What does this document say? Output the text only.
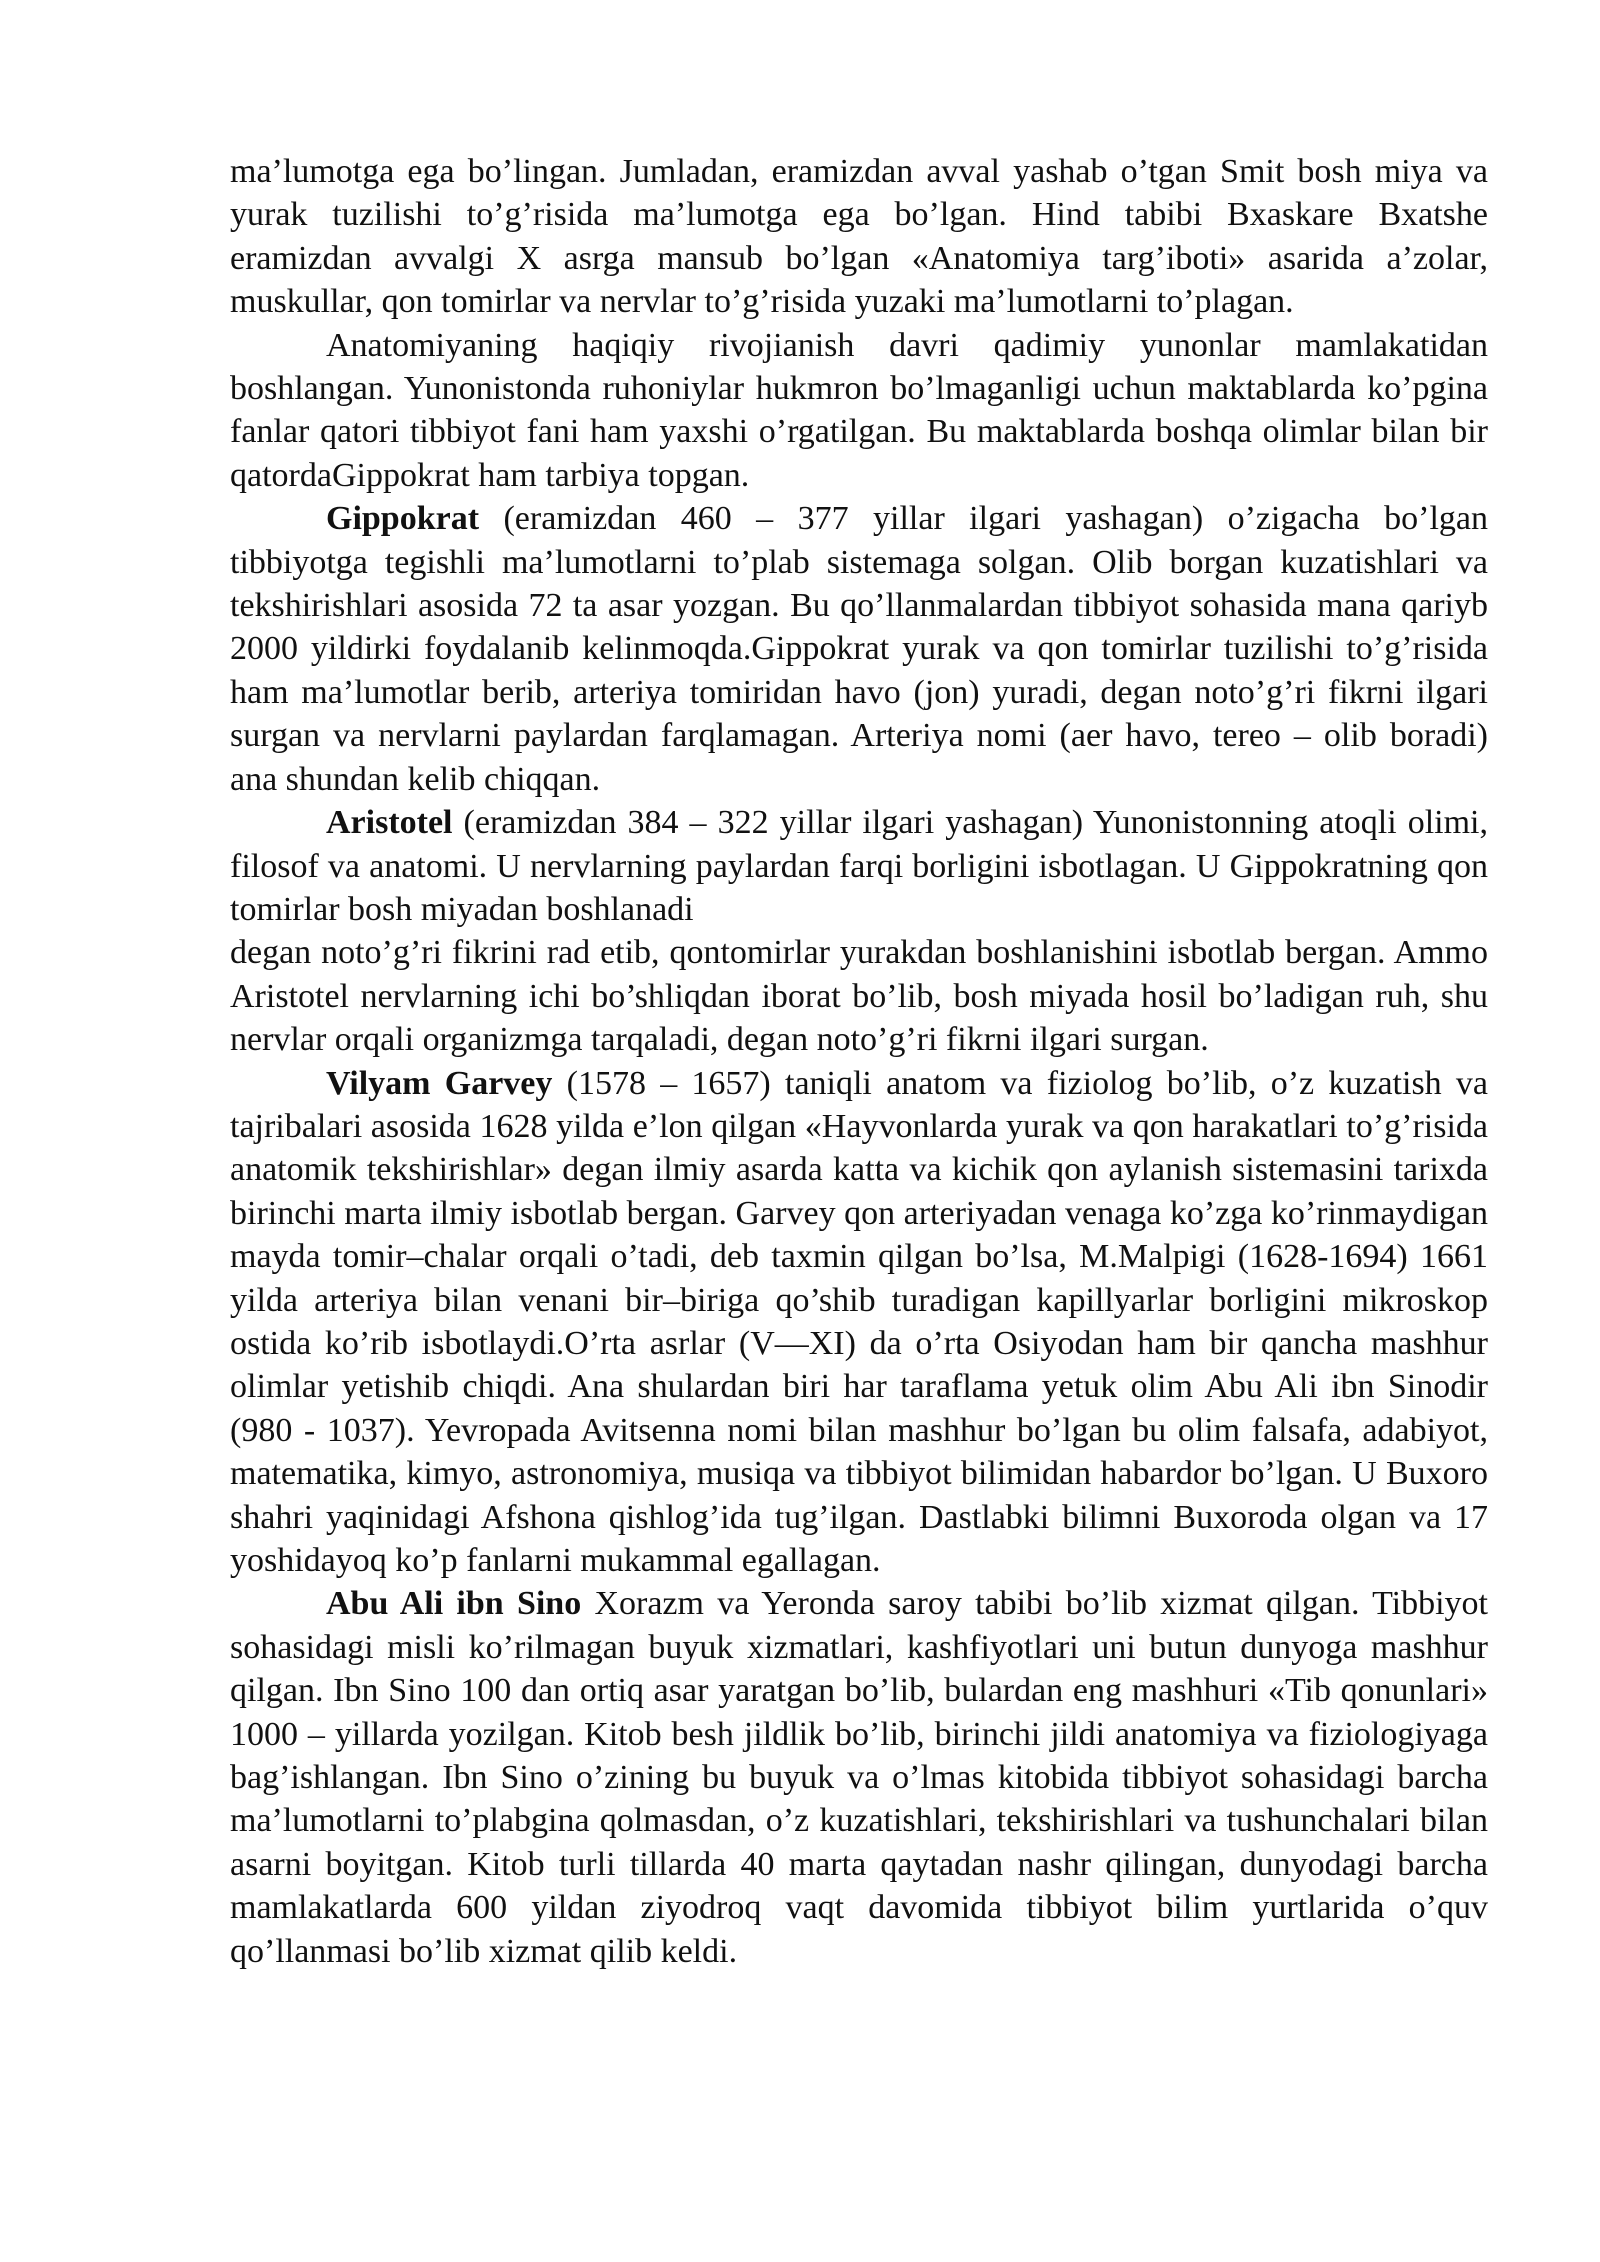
ma’lumotga ega bo’lingan. Jumladan, eramizdan avval yashab o’tgan Smit bosh miya va yurak tuzilishi to’g’risida ma’lumotga ega bo’lgan. Hind tabibi Bxaskare Bxatshe eramizdan avvalgi X asrga mansub bo’lgan «Anatomiya targ’iboti» asarida a’zolar, muskullar, qon tomirlar va nervlar to’g’risida yuzaki ma’lumotlarni to’plagan.

Anatomiyaning haqiqiy rivojianish davri qadimiy yunonlar mamlakatidan boshlangan. Yunonistonda ruhoniylar hukmron bo’lmaganligi uchun maktablarda ko’pgina fanlar qatori tibbiyot fani ham yaxshi o’rgatilgan. Bu maktablarda boshqa olimlar bilan bir qatordaGippokrat ham tarbiya topgan.

Gippokrat (eramizdan 460 – 377 yillar ilgari yashagan) o’zigacha bo’lgan tibbiyotga tegishli ma’lumotlarni to’plab sistemaga solgan. Olib borgan kuzatishlari va tekshirishlari asosida 72 ta asar yozgan. Bu qo’llanmalardan tibbiyot sohasida mana qariyb 2000 yildirki foydalanib kelinmoqda.Gippokrat yurak va qon tomirlar tuzilishi to’g’risida ham ma’lumotlar berib, arteriya tomiridan havo (jon) yuradi, degan noto’g’ri fikrni ilgari surgan va nervlarni paylardan farqlamagan. Arteriya nomi (aer havo, tereo – olib boradi) ana shundan kelib chiqqan.

Aristotel (eramizdan 384 – 322 yillar ilgari yashagan) Yunonistonning atoqli olimi, filosof va anatomi. U nervlarning paylardan farqi borligini isbotlagan. U Gippokratning qon tomirlar bosh miyadan boshlanadi

degan noto’g’ri fikrini rad etib, qontomirlar yurakdan boshlanishini isbotlab bergan. Ammo Aristotel nervlarning ichi bo’shliqdan iborat bo’lib, bosh miyada hosil bo’ladigan ruh, shu nervlar orqali organizmga tarqaladi, degan noto’g’ri fikrni ilgari surgan.

Vilyam Garvey (1578 – 1657) taniqli anatom va fiziolog bo’lib, o’z kuzatish va tajribalari asosida 1628 yilda e’lon qilgan «Hayvonlarda yurak va qon harakatlari to’g’risida anatomik tekshirishlar» degan ilmiy asarda katta va kichik qon aylanish sistemasini tarixda birinchi marta ilmiy isbotlab bergan. Garvey qon arteriyadan venaga ko’zga ko’rinmaydigan mayda tomir–chalar orqali o’tadi, deb taxmin qilgan bo’lsa, M.Malpigi (1628-1694) 1661 yilda arteriya bilan venani bir–biriga qo’shib turadigan kapillyarlar borligini mikroskop ostida ko’rib isbotlaydi.O’rta asrlar (V—XI) da o’rta Osiyodan ham bir qancha mashhur olimlar yetishib chiqdi. Ana shulardan biri har taraflama yetuk olim Abu Ali ibn Sinodir (980 - 1037). Yevropada Avitsenna nomi bilan mashhur bo’lgan bu olim falsafa, adabiyot, matematika, kimyo, astronomiya, musiqa va tibbiyot bilimidan habardor bo’lgan. U Buxoro shahri yaqinidagi Afshona qishlog’ida tug’ilgan. Dastlabki bilimni Buxoroda olgan va 17 yoshidayoq ko’p fanlarni mukammal egallagan.

Abu Ali ibn Sino Xorazm va Yeronda saroy tabibi bo’lib xizmat qilgan. Tibbiyot sohasidagi misli ko’rilmagan buyuk xizmatlari, kashfiyotlari uni butun dunyoga mashhur qilgan. Ibn Sino 100 dan ortiq asar yaratgan bo’lib, bulardan eng mashhuri «Tib qonunlari» 1000 – yillarda yozilgan. Kitob besh jildlik bo’lib, birinchi jildi anatomiya va fiziologiyaga bag’ishlangan. Ibn Sino o’zining bu buyuk va o’lmas kitobida tibbiyot sohasidagi barcha ma’lumotlarni to’plabgina qolmasdan, o’z kuzatishlari, tekshirishlari va tushunchalari bilan asarni boyitgan. Kitob turli tillarda 40 marta qaytadan nashr qilingan, dunyodagi barcha mamlakatlarda 600 yildan ziyodroq vaqt davomida tibbiyot bilim yurtlarida o’quv qo’llanmasi bo’lib xizmat qilib keldi.
